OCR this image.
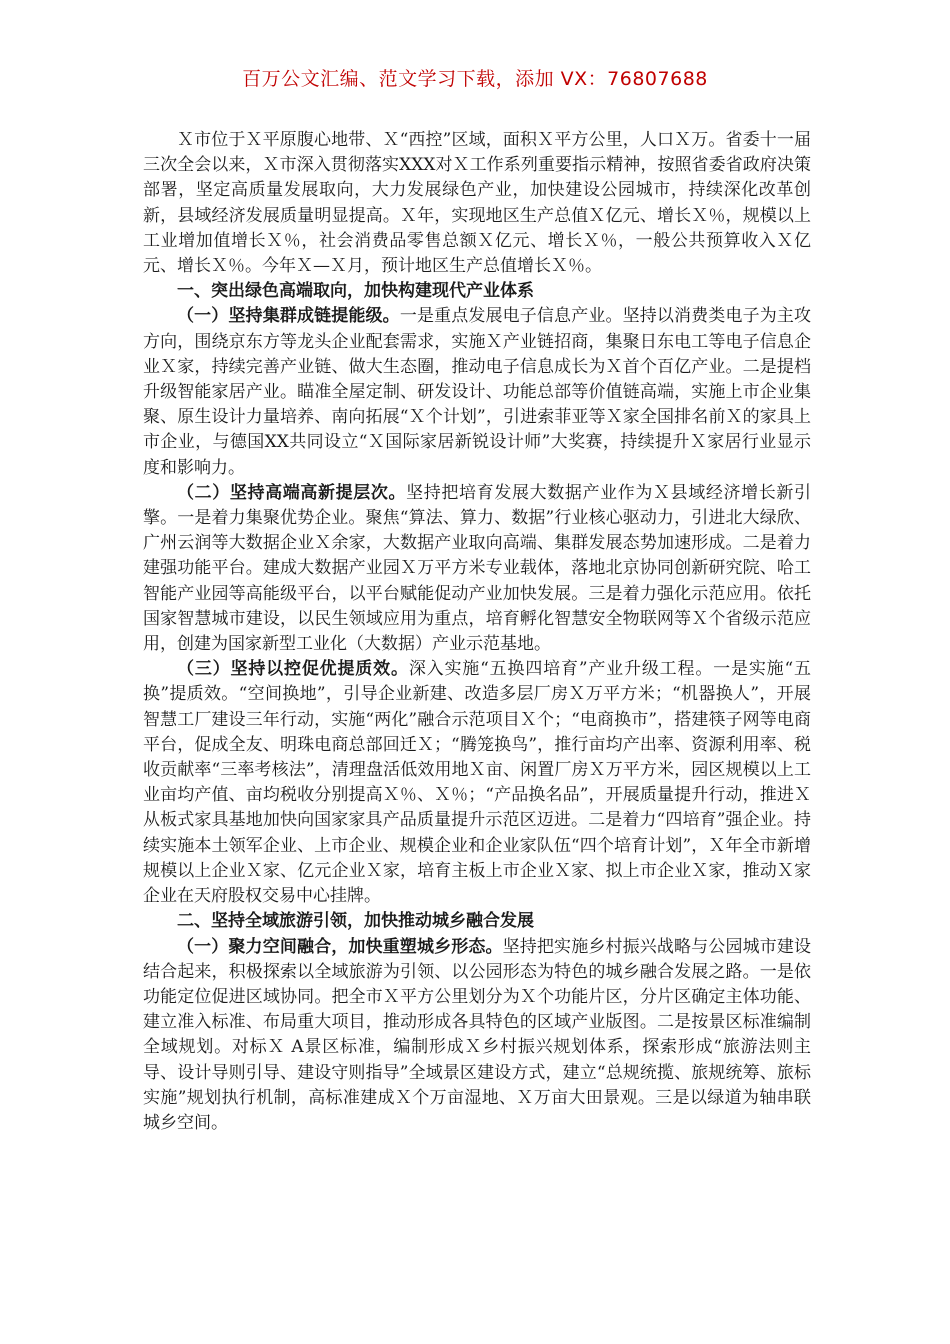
百万公文汇编、范文学习下载，添加 VX：76807688

Ｘ市位于Ｘ平原腹心地带、Ｘ“西控”区域，面积Ｘ平方公里，人口Ｘ万。省委十一届三次全会以来，Ｘ市深入贯彻落实XXX对Ｘ工作系列重要指示精神，按照省委省政府决策部署，坚定高质量发展取向，大力发展绿色产业，加快建设公园城市，持续深化改革创新，县域经济发展质量明显提高。Ｘ年，实现地区生产总值Ｘ亿元、增长Ｘ％，规模以上工业增加值增长Ｘ％，社会消费品零售总额Ｘ亿元、增长Ｘ％，一般公共预算收入Ｘ亿元、增长Ｘ％。今年Ｘ—Ｘ月，预计地区生产总值增长Ｘ％。

一、突出绿色高端取向，加快构建现代产业体系

（一）坚持集群成链提能级。一是重点发展电子信息产业。坚持以消费类电子为主攻方向，围绕京东方等龙头企业配套需求，实施Ｘ产业链招商，集聚日东电工等电子信息企业Ｘ家，持续完善产业链、做大生态圈，推动电子信息成长为Ｘ首个百亿产业。二是提档升级智能家居产业。瞄准全屋定制、研发设计、功能总部等价值链高端，实施上市企业集聚、原生设计力量培养、南向拓展“Ｘ个计划”，引进索菲亚等Ｘ家全国排名前Ｘ的家具上市企业，与德国XX共同设立“Ｘ国际家居新锐设计师”大奖赛，持续提升Ｘ家居行业显示度和影响力。

（二）坚持高端高新提层次。坚持把培育发展大数据产业作为Ｘ县域经济增长新引擎。一是着力集聚优势企业。聚焦“算法、算力、数据”行业核心驱动力，引进北大绿欣、广州云润等大数据企业Ｘ余家，大数据产业取向高端、集群发展态势加速形成。二是着力建强功能平台。建成大数据产业园Ｘ万平方米专业载体，落地北京协同创新研究院、哈工智能产业园等高能级平台，以平台赋能促动产业加快发展。三是着力强化示范应用。依托国家智慧城市建设，以民生领域应用为重点，培育孵化智慧安全物联网等Ｘ个省级示范应用，创建为国家新型工业化（大数据）产业示范基地。

（三）坚持以控促优提质效。深入实施“五换四培育”产业升级工程。一是实施“五换”提质效。“空间换地”，引导企业新建、改造多层厂房Ｘ万平方米；“机器换人”，开展智慧工厂建设三年行动，实施“两化”融合示范项目Ｘ个；“电商换市”，搭建筷子网等电商平台，促成全友、明珠电商总部回迁Ｘ；“腾笼换鸟”，推行亩均产出率、资源利用率、税收贡献率“三率考核法”，清理盘活低效用地Ｘ亩、闲置厂房Ｘ万平方米，园区规模以上工业亩均产值、亩均税收分别提高Ｘ％、Ｘ％；“产品换名品”，开展质量提升行动，推进Ｘ从板式家具基地加快向国家家具产品质量提升示范区迈进。二是着力“四培育”强企业。持续实施本土领军企业、上市企业、规模企业和企业家队伍“四个培育计划”，Ｘ年全市新增规模以上企业Ｘ家、亿元企业Ｘ家，培育主板上市企业Ｘ家、拟上市企业Ｘ家，推动Ｘ家企业在天府股权交易中心挂牌。

二、坚持全域旅游引领，加快推动城乡融合发展

（一）聚力空间融合，加快重塑城乡形态。坚持把实施乡村振兴战略与公园城市建设结合起来，积极探索以全域旅游为引领、以公园形态为特色的城乡融合发展之路。一是依功能定位促进区域协同。把全市Ｘ平方公里划分为Ｘ个功能片区，分片区确定主体功能、建立准入标准、布局重大项目，推动形成各具特色的区域产业版图。二是按景区标准编制全域规划。对标Ｘ A景区标准，编制形成Ｘ乡村振兴规划体系，探索形成“旅游法则主导、设计导则引导、建设守则指导”全域景区建设方式，建立“总规统揽、旅规统筹、旅标实施”规划执行机制，高标准建成Ｘ个万亩湿地、Ｘ万亩大田景观。三是以绿道为轴串联城乡空间。
